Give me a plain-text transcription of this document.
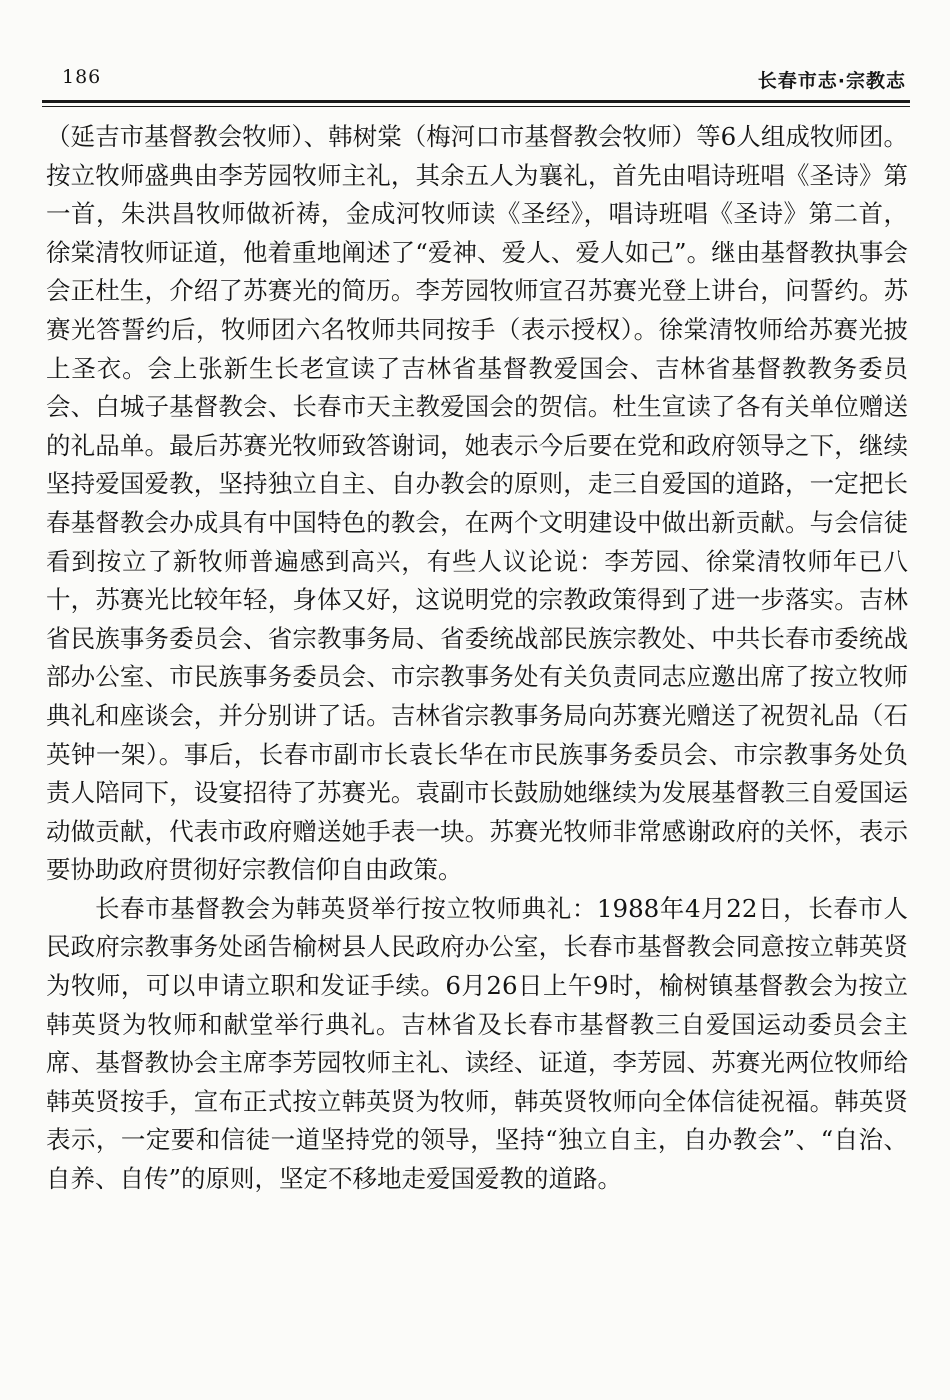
186	长春市志·宗教志

（延吉市基督教会牧师）、韩树棠（梅河口市基督教会牧师）等6人组成牧师团。按立牧师盛典由李芳园牧师主礼，其余五人为襄礼，首先由唱诗班唱《圣诗》第一首，朱洪昌牧师做祈祷，金成河牧师读《圣经》，唱诗班唱《圣诗》第二首，徐棠清牧师证道，他着重地阐述了“爱神、爱人、爱人如己”。继由基督教执事会会正杜生，介绍了苏赛光的简历。李芳园牧师宣召苏赛光登上讲台，问誓约。苏赛光答誓约后，牧师团六名牧师共同按手（表示授权）。徐棠清牧师给苏赛光披上圣衣。会上张新生长老宣读了吉林省基督教爱国会、吉林省基督教教务委员会、白城子基督教会、长春市天主教爱国会的贺信。杜生宣读了各有关单位赠送的礼品单。最后苏赛光牧师致答谢词，她表示今后要在党和政府领导之下，继续坚持爱国爱教，坚持独立自主、自办教会的原则，走三自爱国的道路，一定把长春基督教会办成具有中国特色的教会，在两个文明建设中做出新贡献。与会信徒看到按立了新牧师普遍感到高兴，有些人议论说：李芳园、徐棠清牧师年已八十，苏赛光比较年轻，身体又好，这说明党的宗教政策得到了进一步落实。吉林省民族事务委员会、省宗教事务局、省委统战部民族宗教处、中共长春市委统战部办公室、市民族事务委员会、市宗教事务处有关负责同志应邀出席了按立牧师典礼和座谈会，并分别讲了话。吉林省宗教事务局向苏赛光赠送了祝贺礼品（石英钟一架）。事后，长春市副市长袁长华在市民族事务委员会、市宗教事务处负责人陪同下，设宴招待了苏赛光。袁副市长鼓励她继续为发展基督教三自爱国运动做贡献，代表市政府赠送她手表一块。苏赛光牧师非常感谢政府的关怀，表示要协助政府贯彻好宗教信仰自由政策。

长春市基督教会为韩英贤举行按立牧师典礼：1988年4月22日，长春市人民政府宗教事务处函告榆树县人民政府办公室，长春市基督教会同意按立韩英贤为牧师，可以申请立职和发证手续。6月26日上午9时，榆树镇基督教会为按立韩英贤为牧师和献堂举行典礼。吉林省及长春市基督教三自爱国运动委员会主席、基督教协会主席李芳园牧师主礼、读经、证道，李芳园、苏赛光两位牧师给韩英贤按手，宣布正式按立韩英贤为牧师，韩英贤牧师向全体信徒祝福。韩英贤表示，一定要和信徒一道坚持党的领导，坚持“独立自主，自办教会”、“自治、自养、自传”的原则，坚定不移地走爱国爱教的道路。
